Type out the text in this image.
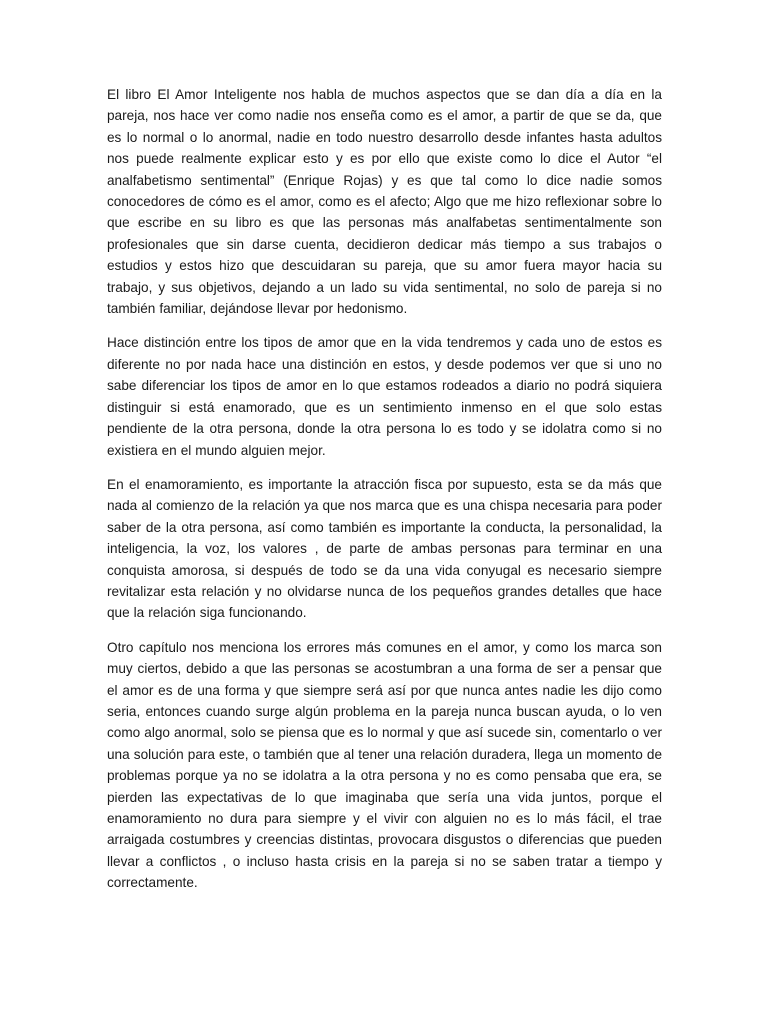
El libro El Amor Inteligente nos habla de muchos aspectos que se dan día a día en la pareja, nos hace ver como nadie nos enseña como es el amor, a partir de que se da, que es lo normal o lo anormal, nadie en todo nuestro desarrollo desde infantes hasta adultos nos puede realmente explicar esto y es por ello que existe como lo dice el Autor “el analfabetismo sentimental” (Enrique Rojas) y es que tal como lo dice nadie somos conocedores de cómo es el amor, como es el afecto; Algo que me hizo reflexionar sobre lo que escribe en su libro es que las personas más analfabetas sentimentalmente son profesionales que sin darse cuenta, decidieron dedicar más tiempo a sus trabajos o estudios y estos hizo que descuidaran su pareja, que su amor fuera mayor hacia su trabajo, y sus objetivos, dejando a un lado su vida sentimental, no solo de pareja si no también familiar, dejándose llevar por hedonismo.

Hace distinción entre los tipos de amor que en la vida tendremos y cada uno de estos es diferente no por nada hace una distinción en estos, y desde podemos ver que si uno no sabe diferenciar los tipos de amor en lo que estamos rodeados a diario no podrá siquiera distinguir si está enamorado, que es un sentimiento inmenso en el que solo estas pendiente de la otra persona, donde la otra persona lo es todo y se idolatra como si no existiera en el mundo alguien mejor.

En el enamoramiento, es importante la atracción fisca por supuesto, esta se da más que nada al comienzo de la relación ya que nos marca que es una chispa necesaria para poder saber de la otra persona, así como también es importante la conducta, la personalidad, la inteligencia, la voz, los valores , de parte de ambas personas para terminar en una conquista amorosa, si después de todo se da una vida conyugal es necesario siempre revitalizar esta relación y no olvidarse nunca de los pequeños grandes detalles que hace que la relación siga funcionando.

Otro capítulo nos menciona los errores más comunes en el amor, y como los marca son muy ciertos, debido a que las personas se acostumbran a una forma de ser a pensar que el amor es de una forma y que siempre será así por que nunca antes nadie les dijo como seria, entonces cuando surge algún problema en la pareja nunca buscan ayuda, o lo ven como algo anormal, solo se piensa que es lo normal y que así sucede sin, comentarlo o ver una solución para este, o también que al tener una relación duradera, llega un momento de problemas porque ya no se idolatra a la otra persona y no es como pensaba que era, se pierden las expectativas de lo que imaginaba que sería una vida juntos, porque el enamoramiento no dura para siempre y el vivir con alguien no es lo más fácil, el trae arraigada costumbres y creencias distintas, provocara disgustos o diferencias que pueden llevar a conflictos , o incluso hasta crisis en la pareja si no se saben tratar a tiempo y correctamente.
